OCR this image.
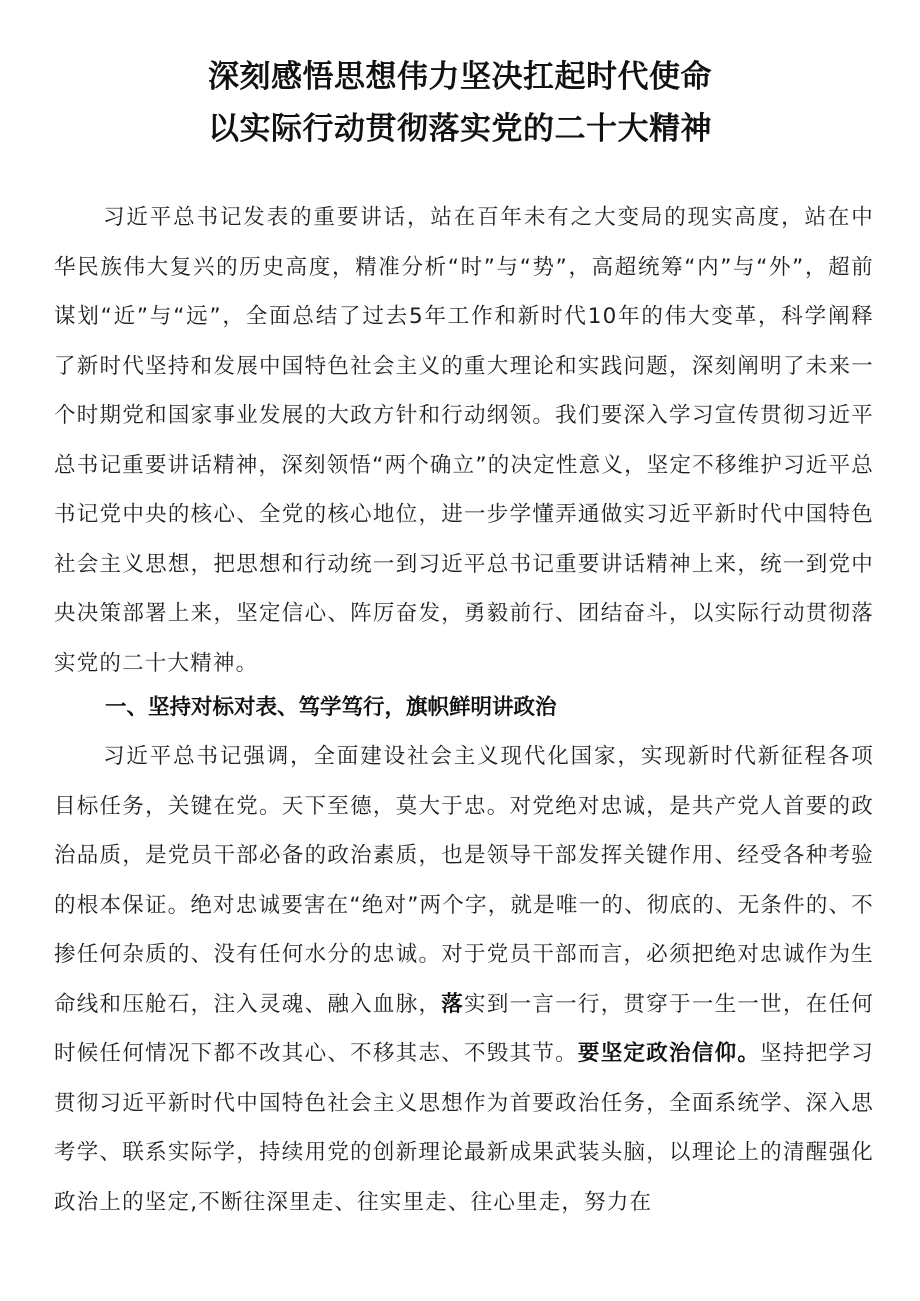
深刻感悟思想伟力坚决扛起时代使命
以实际行动贯彻落实党的二十大精神
习近平总书记发表的重要讲话，站在百年未有之大变局的现实高度，站在中华民族伟大复兴的历史高度，精准分析“时”与“势”，高超统筹“内”与“外”，超前谋划“近”与“远”，全面总结了过去5年工作和新时代10年的伟大变革，科学阐释了新时代坚持和发展中国特色社会主义的重大理论和实践问题，深刻阐明了未来一个时期党和国家事业发展的大政方针和行动纲领。我们要深入学习宣传贯彻习近平总书记重要讲话精神，深刻领悟“两个确立”的决定性意义，坚定不移维护习近平总书记党中央的核心、全党的核心地位，进一步学懂弄通做实习近平新时代中国特色社会主义思想，把思想和行动统一到习近平总书记重要讲话精神上来，统一到党中央决策部署上来，坚定信心、阵厉奋发，勇毅前行、团结奋斗，以实际行动贯彻落实党的二十大精神。
一、坚持对标对表、笃学笃行，旗帜鲜明讲政治
习近平总书记强调，全面建设社会主义现代化国家，实现新时代新征程各项目标任务，关键在党。天下至德，莫大于忠。对党绝对忠诚，是共产党人首要的政治品质，是党员干部必备的政治素质，也是领导干部发挥关键作用、经受各种考验的根本保证。绝对忠诚要害在“绝对”两个字，就是唯一的、彻底的、无条件的、不掺任何杂质的、没有任何水分的忠诚。对于党员干部而言，必须把绝对忠诚作为生命线和压舱石，注入灵魂、融入血脉，落实到一言一行，贯穿于一生一世，在任何时候任何情况下都不改其心、不移其志、不毁其节。要坚定政治信仰。坚持把学习贯彻习近平新时代中国特色社会主义思想作为首要政治任务，全面系统学、深入思考学、联系实际学，持续用党的创新理论最新成果武装头脑，以理论上的清醒强化政治上的坚定,不断往深里走、往实里走、往心里走，努力在
